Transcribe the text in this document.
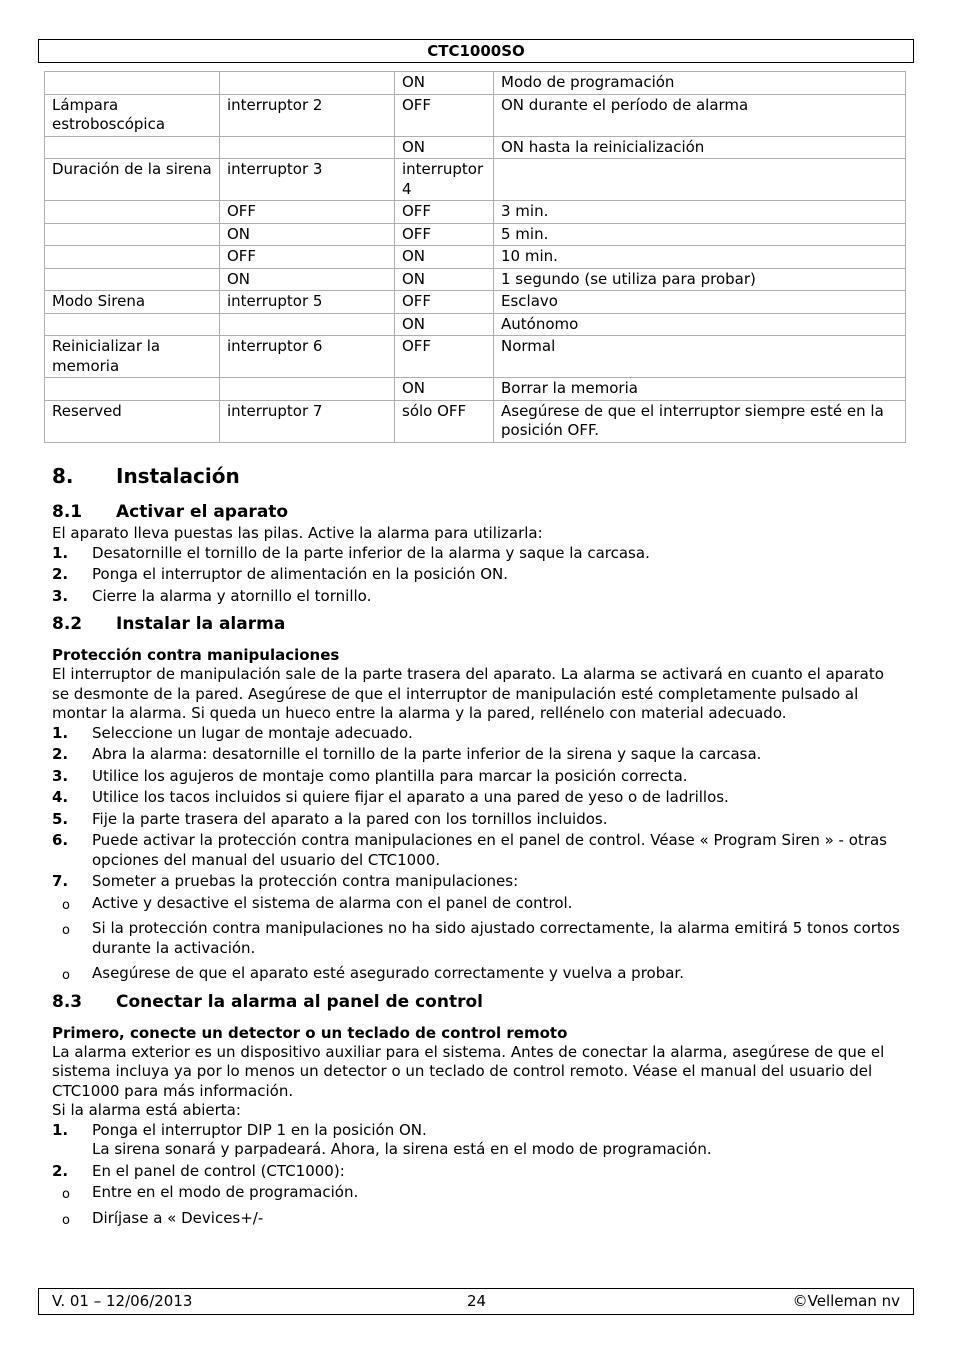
CTC1000SO
		ON	Modo de programación
Lámpara estroboscópica	interruptor 2	OFF	ON durante el período de alarma
		ON	ON hasta la reinicialización
Duración de la sirena	interruptor 3	interruptor 4	
	OFF	OFF	3 min.
	ON	OFF	5 min.
	OFF	ON	10 min.
	ON	ON	1 segundo (se utiliza para probar)
Modo Sirena	interruptor 5	OFF	Esclavo
		ON	Autónomo
Reinicializar la memoria	interruptor 6	OFF	Normal
		ON	Borrar la memoria
Reserved	interruptor 7	sólo OFF	Asegúrese de que el interruptor siempre esté en la posición OFF.
8. Instalación
8.1 Activar el aparato

El aparato lleva puestas las pilas. Active la alarma para utilizarla:

1. Desatornille el tornillo de la parte inferior de la alarma y saque la carcasa.
2. Ponga el interruptor de alimentación en la posición ON.
3. Cierre la alarma y atornillo el tornillo.
8.2 Instalar la alarma
Protección contra manipulaciones

El interruptor de manipulación sale de la parte trasera del aparato. La alarma se activará en cuanto el aparato se desmonte de la pared. Asegúrese de que el interruptor de manipulación esté completamente pulsado al montar la alarma. Si queda un hueco entre la alarma y la pared, rellénelo con material adecuado.

1. Seleccione un lugar de montaje adecuado.
2. Abra la alarma: desatornille el tornillo de la parte inferior de la sirena y saque la carcasa.
3. Utilice los agujeros de montaje como plantilla para marcar la posición correcta.
4. Utilice los tacos incluidos si quiere fijar el aparato a una pared de yeso o de ladrillos.
5. Fije la parte trasera del aparato a la pared con los tornillos incluidos.
6. Puede activar la protección contra manipulaciones en el panel de control. Véase « Program Siren » - otras opciones del manual del usuario del CTC1000.
7. Someter a pruebas la protección contra manipulaciones:
o Active y desactive el sistema de alarma con el panel de control.
o Si la protección contra manipulaciones no ha sido ajustado correctamente, la alarma emitirá 5 tonos cortos durante la activación.
o Asegúrese de que el aparato esté asegurado correctamente y vuelva a probar.
8.3 Conectar la alarma al panel de control
Primero, conecte un detector o un teclado de control remoto

La alarma exterior es un dispositivo auxiliar para el sistema. Antes de conectar la alarma, asegúrese de que el sistema incluya ya por lo menos un detector o un teclado de control remoto. Véase el manual del usuario del CTC1000 para más información.

Si la alarma está abierta:

1. Ponga el interruptor DIP 1 en la posición ON.
La sirena sonará y parpadeará. Ahora, la sirena está en el modo de programación.
2. En el panel de control (CTC1000):
o Entre en el modo de programación.
o Diríjase a « Devices+/-
V. 01 – 12/06/2013	24	©Velleman nv
